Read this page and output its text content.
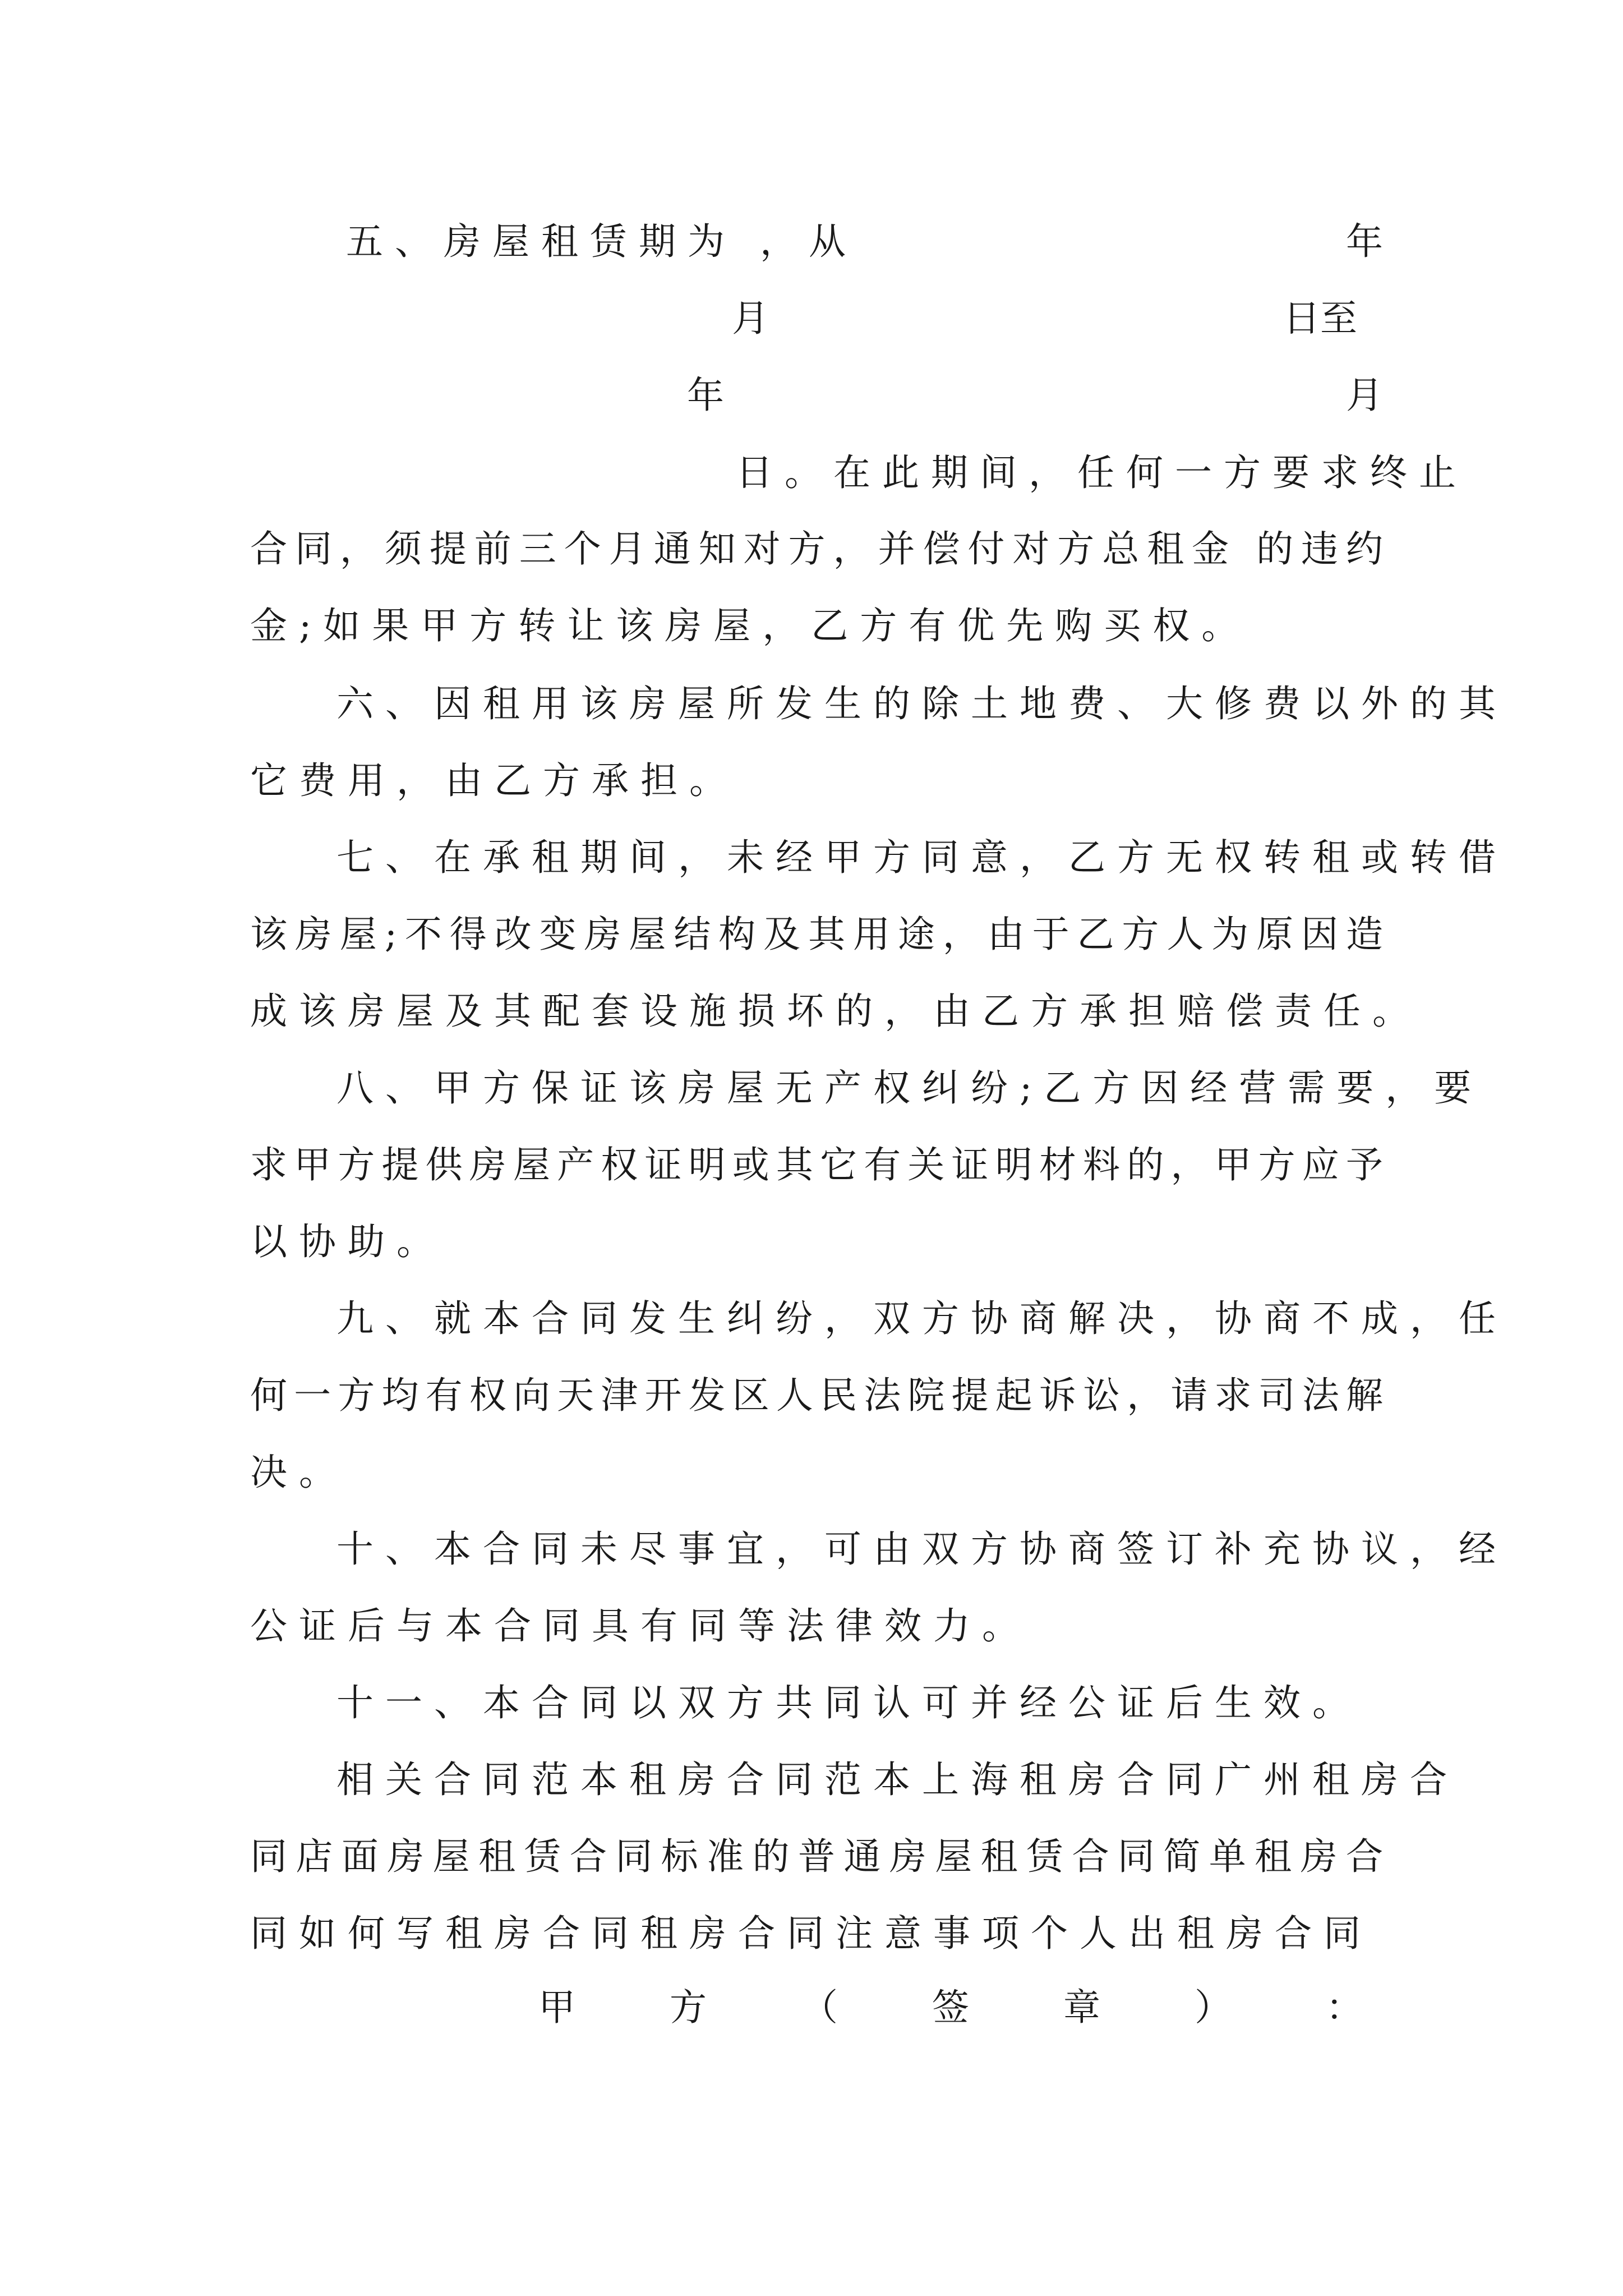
五、房屋租赁期为 ，从	年
月	日至
年	月
日。在此期间，任何一方要求终止
合同，须提前三个月通知对方，并偿付对方总租金 的违约
金;如果甲方转让该房屋，乙方有优先购买权。
六、因租用该房屋所发生的除土地费、大修费以外的其
它费用，由乙方承担。
七、在承租期间，未经甲方同意，乙方无权转租或转借
该房屋;不得改变房屋结构及其用途，由于乙方人为原因造
成该房屋及其配套设施损坏的，由乙方承担赔偿责任。
八、甲方保证该房屋无产权纠纷;乙方因经营需要，要
求甲方提供房屋产权证明或其它有关证明材料的，甲方应予
以协助。
九、就本合同发生纠纷，双方协商解决，协商不成，任
何一方均有权向天津开发区人民法院提起诉讼，请求司法解
决。
十、本合同未尽事宜，可由双方协商签订补充协议，经
公证后与本合同具有同等法律效力。
十一、本合同以双方共同认可并经公证后生效。
相关合同范本租房合同范本上海租房合同广州租房合
同店面房屋租赁合同标准的普通房屋租赁合同简单租房合
同如何写租房合同租房合同注意事项个人出租房合同
甲	方	（	签	章	）	：
